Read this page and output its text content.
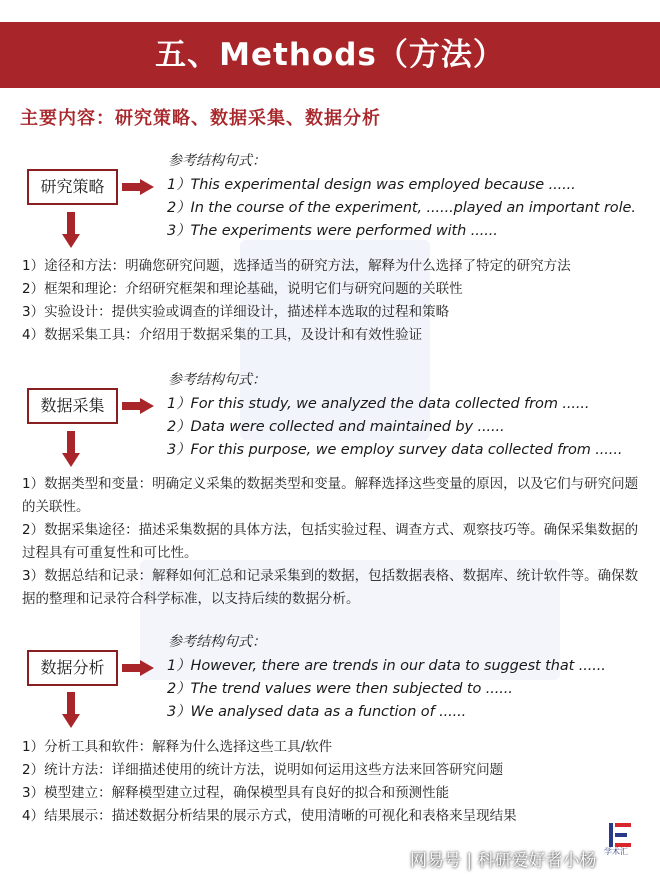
五、Methods（方法）
主要内容：研究策略、数据采集、数据分析
参考结构句式：
研究策略	1）This experimental design was employed because ......
2）In the course of the experiment, ......played an important role.
3）The experiments were performed with ......
1）途径和方法：明确您研究问题，选择适当的研究方法，解释为什么选择了特定的研究方法
2）框架和理论：介绍研究框架和理论基础，说明它们与研究问题的关联性
3）实验设计：提供实验或调查的详细设计，描述样本选取的过程和策略
4）数据采集工具：介绍用于数据采集的工具，及设计和有效性验证
参考结构句式：
数据采集	1）For this study, we analyzed the data collected from ......
2）Data were collected and maintained by ......
3）For this purpose, we employ survey data collected from ......
1）数据类型和变量：明确定义采集的数据类型和变量。解释选择这些变量的原因，以及它们与研究问题的关联性。
2）数据采集途径：描述采集数据的具体方法，包括实验过程、调查方式、观察技巧等。确保采集数据的过程具有可重复性和可比性。
3）数据总结和记录：解释如何汇总和记录采集到的数据，包括数据表格、数据库、统计软件等。确保数据的整理和记录符合科学标准，以支持后续的数据分析。
参考结构句式：
数据分析	1）However, there are trends in our data to suggest that ......
2）The trend values were then subjected to ......
3）We analysed data as a function of ......
1）分析工具和软件：解释为什么选择这些工具/软件
2）统计方法：详细描述使用的统计方法，说明如何运用这些方法来回答研究问题
3）模型建立：解释模型建立过程，确保模型具有良好的拟合和预测性能
4）结果展示：描述数据分析结果的展示方式，使用清晰的可视化和表格来呈现结果
学术汇
网易号 | 科研爱好者小杨
